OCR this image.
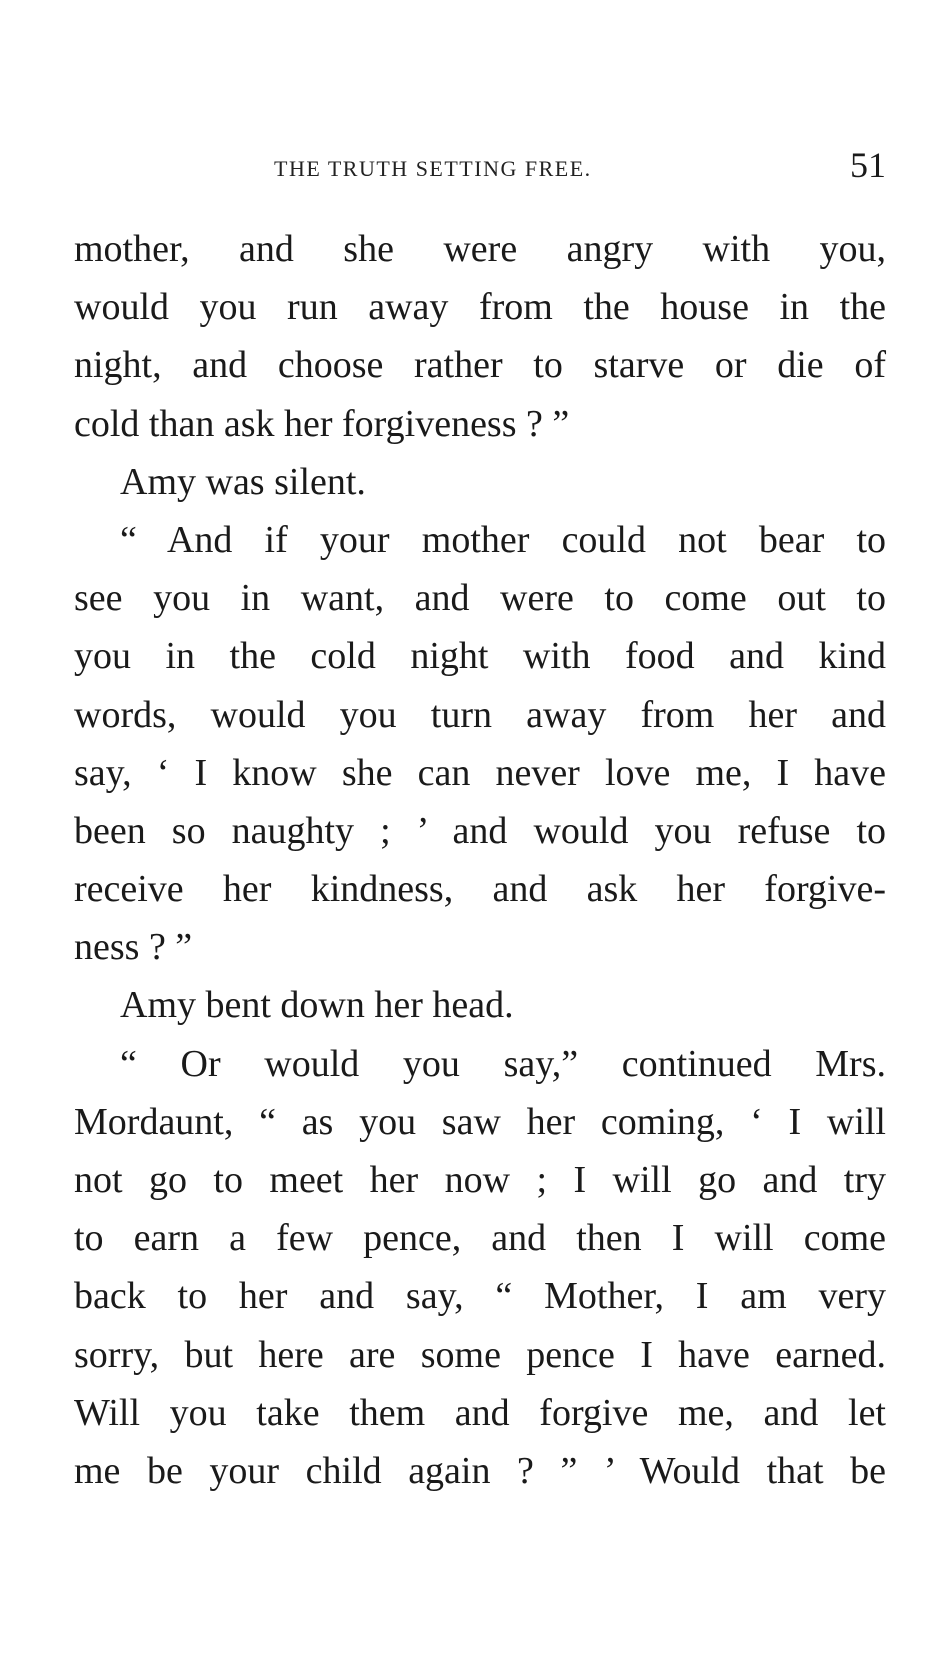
THE TRUTH SETTING FREE.	51
mother, and she were angry with you,
would you run away from the house in the
night, and choose rather to starve or die of
cold than ask her forgiveness ? ”
Amy was silent.
“ And if your mother could not bear to
see you in want, and were to come out to
you in the cold night with food and kind
words, would you turn away from her and
say, ‘ I know she can never love me, I have
been so naughty ; ’ and would you refuse to
receive her kindness, and ask her forgive-
ness ? ”
Amy bent down her head.
“ Or would you say,” continued Mrs.
Mordaunt, “ as you saw her coming, ‘ I will
not go to meet her now ; I will go and try
to earn a few pence, and then I will come
back to her and say, “ Mother, I am very
sorry, but here are some pence I have earned.
Will you take them and forgive me, and let
me be your child again ? ” ’ Would that be
